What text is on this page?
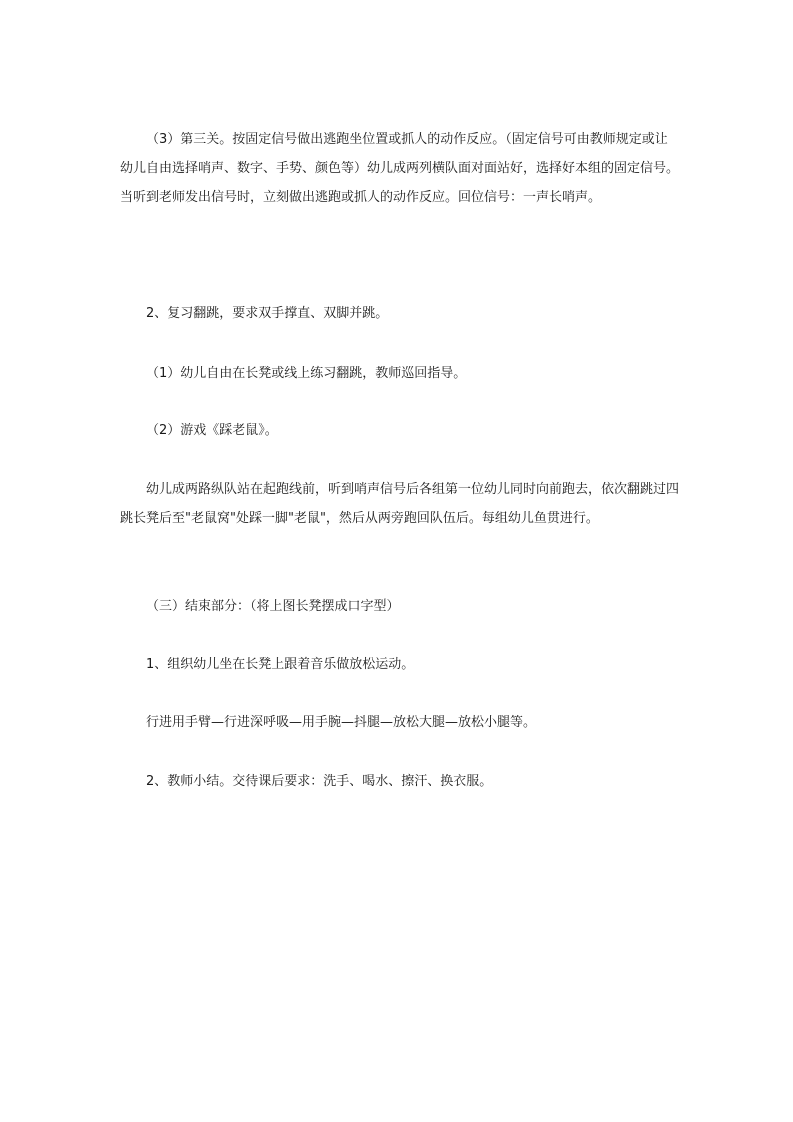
（3）第三关。按固定信号做出逃跑坐位置或抓人的动作反应。（固定信号可由教师规定或让幼儿自由选择哨声、数字、手势、颜色等）幼儿成两列横队面对面站好，选择好本组的固定信号。当听到老师发出信号时，立刻做出逃跑或抓人的动作反应。回位信号：一声长哨声。

2、复习翻跳，要求双手撑直、双脚并跳。

（1）幼儿自由在长凳或线上练习翻跳，教师巡回指导。

（2）游戏《踩老鼠》。

幼儿成两路纵队站在起跑线前，听到哨声信号后各组第一位幼儿同时向前跑去，依次翻跳过四跳长凳后至"老鼠窝"处踩一脚"老鼠"，然后从两旁跑回队伍后。每组幼儿鱼贯进行。

（三）结束部分：（将上图长凳摆成口字型）

1、组织幼儿坐在长凳上跟着音乐做放松运动。

行进用手臂—行进深呼吸—用手腕—抖腿—放松大腿—放松小腿等。

2、教师小结。交待课后要求：洗手、喝水、擦汗、换衣服。
